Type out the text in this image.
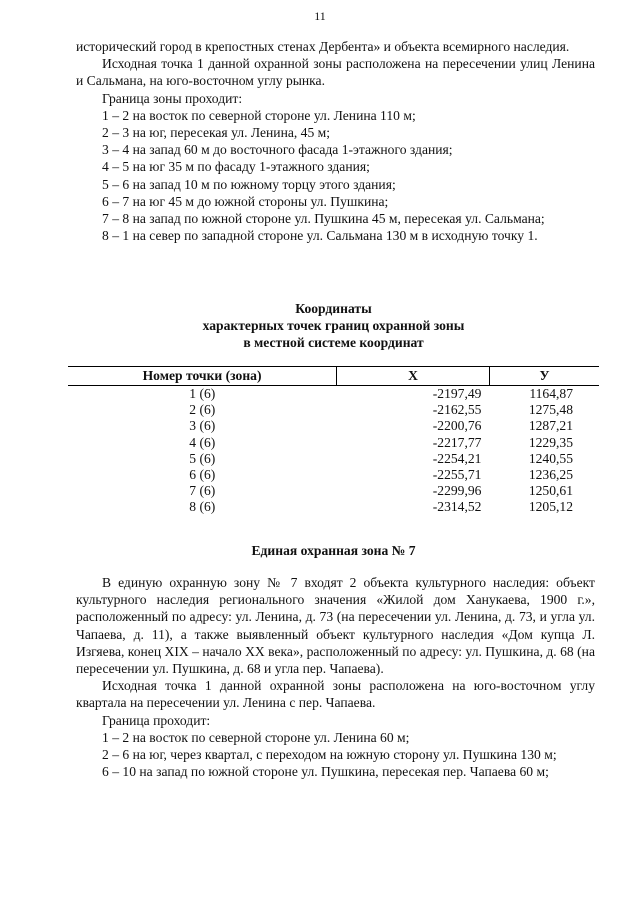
11

исторический город в крепостных стенах Дербента» и объекта всемирного наследия.

Исходная точка 1 данной охранной зоны расположена на пересечении улиц Ленина и Сальмана, на юго-восточном углу рынка.

Граница зоны проходит:

1 – 2 на восток по северной стороне ул. Ленина 110 м;

2 – 3 на юг, пересекая ул. Ленина, 45 м;

3 – 4 на запад 60 м до восточного фасада 1-этажного здания;

4 – 5 на юг 35 м по фасаду 1-этажного здания;

5 – 6 на запад 10 м по южному торцу этого здания;

6 – 7 на юг 45 м до южной стороны ул. Пушкина;

7 – 8 на запад по южной стороне ул. Пушкина 45 м, пересекая ул. Сальмана;

8 – 1 на север по западной стороне ул. Сальмана 130 м в исходную точку 1.

Координаты

характерных точек границ охранной зоны

в местной системе координат

Номер точки (зона)	X	У
1 (6)	-2197,49	1164,87
2 (6)	-2162,55	1275,48
3 (6)	-2200,76	1287,21
4 (6)	-2217,77	1229,35
5 (6)	-2254,21	1240,55
6 (6)	-2255,71	1236,25
7 (6)	-2299,96	1250,61
8 (6)	-2314,52	1205,12

Единая охранная зона № 7

В единую охранную зону № 7 входят 2 объекта культурного наследия: объект культурного наследия регионального значения «Жилой дом Ханукаева, 1900 г.», расположенный по адресу: ул. Ленина, д. 73 (на пересечении ул. Ленина, д. 73, и угла ул. Чапаева, д. 11), а также выявленный объект культурного наследия «Дом купца Л. Изгяева, конец XIX – начало XX века», расположенный по адресу: ул. Пушкина, д. 68 (на пересечении ул. Пушкина, д. 68 и угла пер. Чапаева).

Исходная точка 1 данной охранной зоны расположена на юго-восточном углу квартала на пересечении ул. Ленина с пер. Чапаева.

Граница проходит:

1 – 2 на восток по северной стороне ул. Ленина 60 м;

2 – 6 на юг, через квартал, с переходом на южную сторону ул. Пушкина 130 м;

6 – 10 на запад по южной стороне ул. Пушкина, пересекая пер. Чапаева 60 м;
